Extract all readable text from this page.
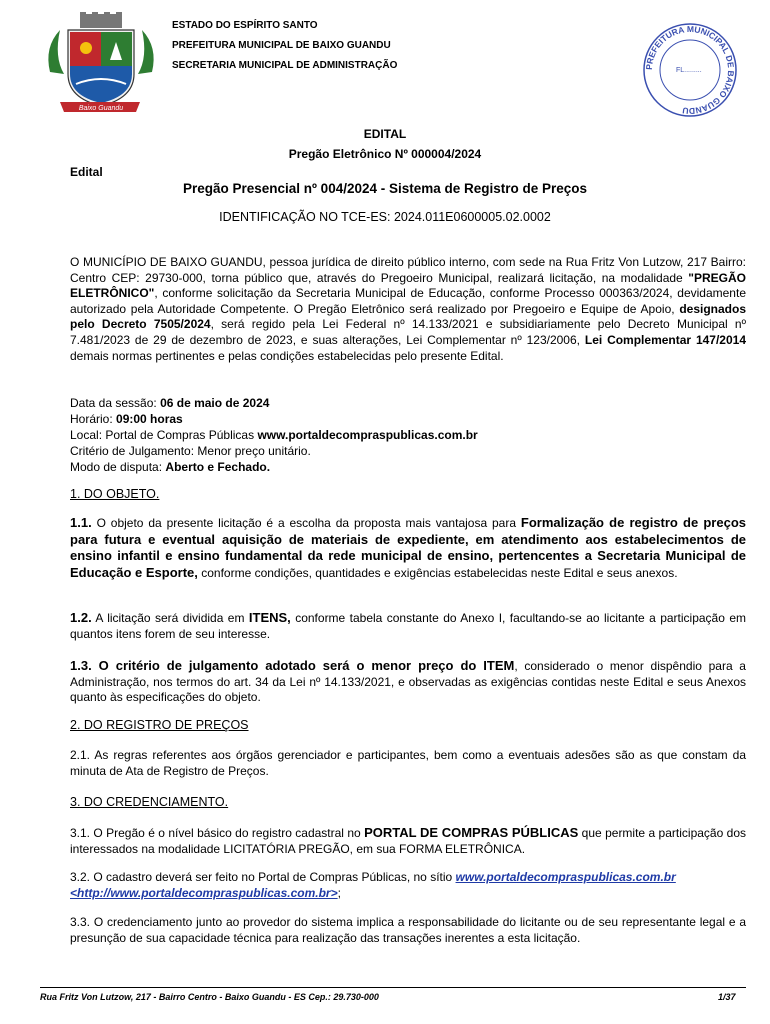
Baixo Guandu
ESTADO DO ESPÍRITO SANTO
PREFEITURA MUNICIPAL DE BAIXO GUANDU
SECRETARIA MUNICIPAL DE ADMINISTRAÇÃO	PREFEITURA MUNICIPAL DE BAIXO GUANDU
FL.........
EDITAL
Pregão Eletrônico Nº 000004/2024
Edital
Pregão Presencial nº 004/2024 - Sistema de Registro de Preços
IDENTIFICAÇÃO NO TCE-ES: 2024.011E0600005.02.0002
O MUNICÍPIO DE BAIXO GUANDU, pessoa jurídica de direito público interno, com sede na Rua Fritz Von Lutzow, 217 Bairro: Centro CEP: 29730-000, torna público que, através do Pregoeiro Municipal, realizará licitação, na modalidade "PREGÃO ELETRÔNICO", conforme solicitação da Secretaria Municipal de Educação, conforme Processo 000363/2024, devidamente autorizado pela Autoridade Competente. O Pregão Eletrônico será realizado por Pregoeiro e Equipe de Apoio, designados pelo Decreto 7505/2024, será regido pela Lei Federal nº 14.133/2021 e subsidiariamente pelo Decreto Municipal nº 7.481/2023 de 29 de dezembro de 2023, e suas alterações, Lei Complementar nº 123/2006, Lei Complementar 147/2014 demais normas pertinentes e pelas condições estabelecidas pelo presente Edital.
Data da sessão: 06 de maio de 2024
Horário: 09:00 horas
Local: Portal de Compras Públicas www.portaldecompraspublicas.com.br
Critério de Julgamento: Menor preço unitário.
Modo de disputa: Aberto e Fechado.
1. DO OBJETO.
1.1. O objeto da presente licitação é a escolha da proposta mais vantajosa para Formalização de registro de preços para futura e eventual aquisição de materiais de expediente, em atendimento aos estabelecimentos de ensino infantil e ensino fundamental da rede municipal de ensino, pertencentes a Secretaria Municipal de Educação e Esporte, conforme condições, quantidades e exigências estabelecidas neste Edital e seus anexos.
1.2. A licitação será dividida em ITENS, conforme tabela constante do Anexo I, facultando-se ao licitante a participação em quantos itens forem de seu interesse.
1.3. O critério de julgamento adotado será o menor preço do ITEM, considerado o menor dispêndio para a Administração, nos termos do art. 34 da Lei nº 14.133/2021, e observadas as exigências contidas neste Edital e seus Anexos quanto às especificações do objeto.
2. DO REGISTRO DE PREÇOS
2.1. As regras referentes aos órgãos gerenciador e participantes, bem como a eventuais adesões são as que constam da minuta de Ata de Registro de Preços.
3. DO CREDENCIAMENTO.
3.1. O Pregão é o nível básico do registro cadastral no PORTAL DE COMPRAS PÚBLICAS que permite a participação dos interessados na modalidade LICITATÓRIA PREGÃO, em sua FORMA ELETRÔNICA.
3.2. O cadastro deverá ser feito no Portal de Compras Públicas, no sítio www.portaldecompraspublicas.com.br
<http://www.portaldecompraspublicas.com.br>;
3.3. O credenciamento junto ao provedor do sistema implica a responsabilidade do licitante ou de seu representante legal e a presunção de sua capacidade técnica para realização das transações inerentes a esta licitação.
Rua Fritz Von Lutzow, 217 - Bairro Centro - Baixo Guandu - ES Cep.: 29.730-000	1/37
